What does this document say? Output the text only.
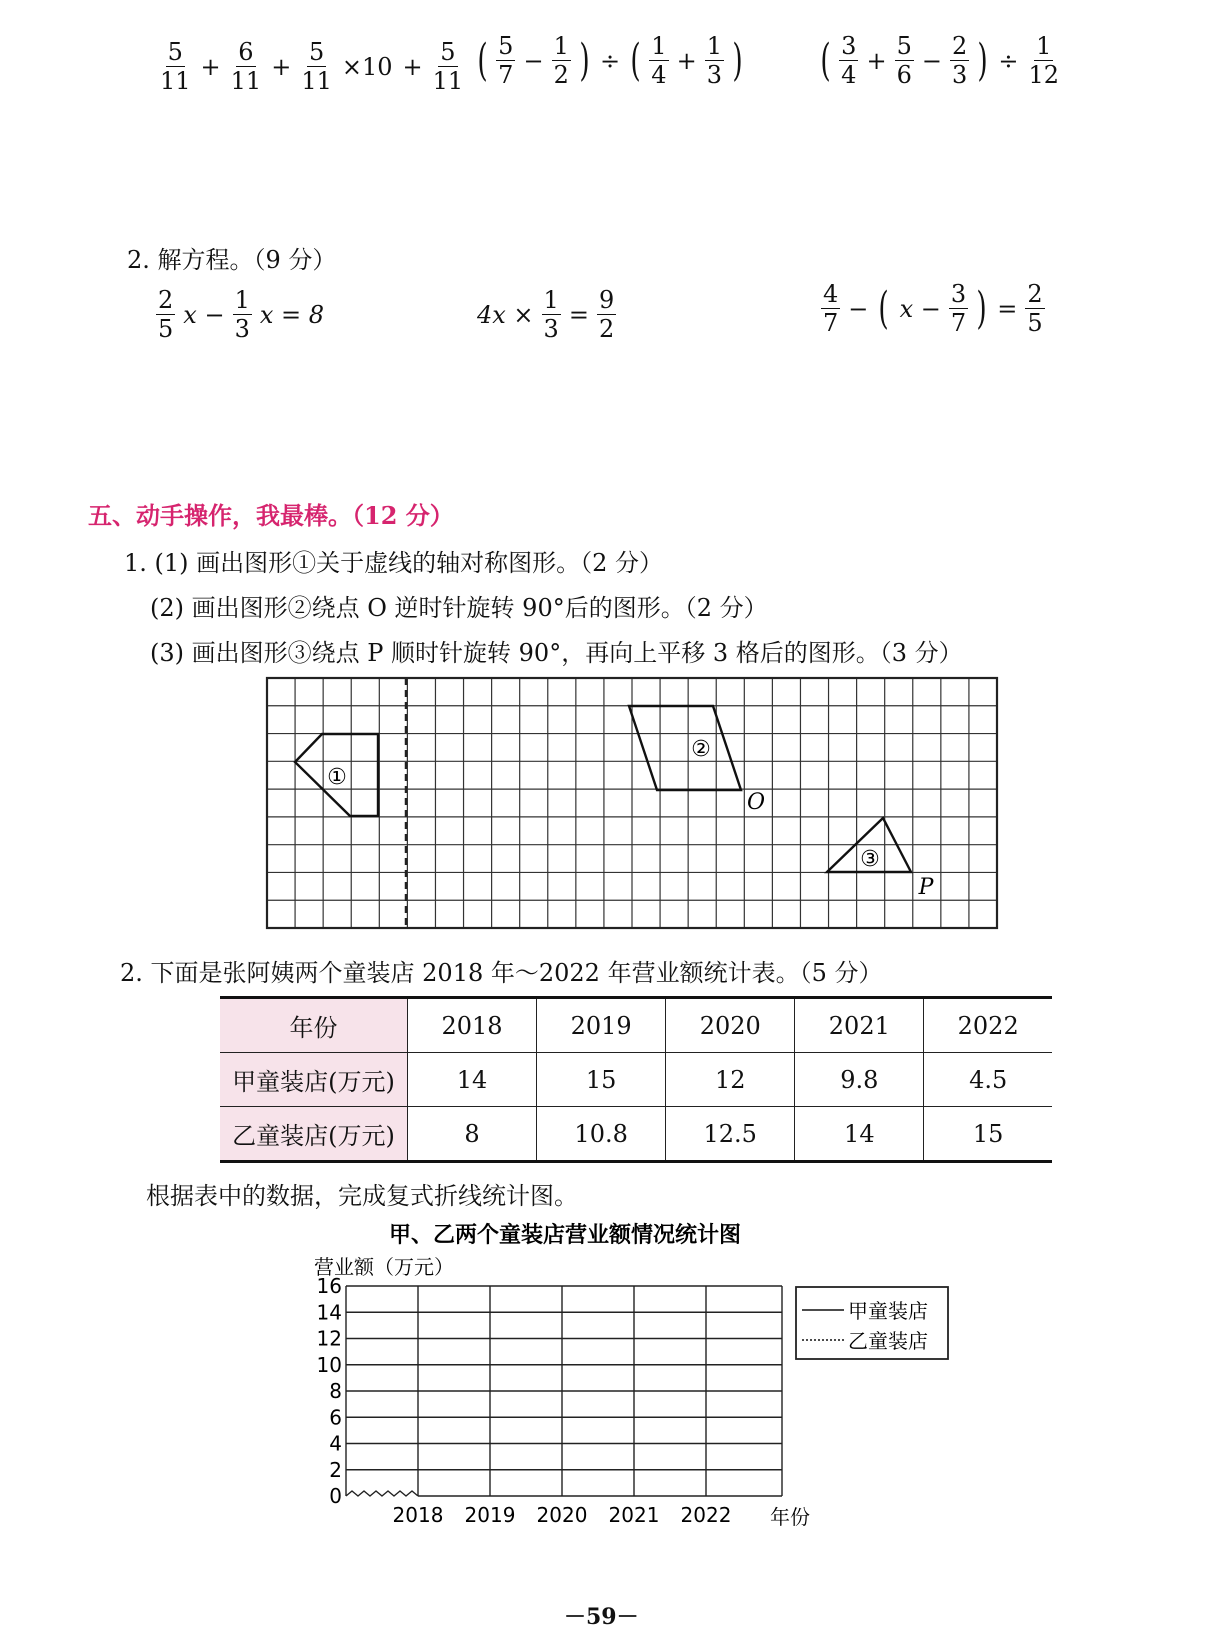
$\frac{5}{11} + \frac{6}{11} + \frac{5}{11} \times 10 + \frac{5}{11}$ ( $\frac{5}{7} - \frac{1}{2}$ ) ÷ ( $\frac{1}{4} + \frac{1}{3}$ ) ( $\frac{3}{4} + \frac{5}{6} - \frac{2}{3}$ ) ÷ $\frac{1}{12}$
2. 解方程。（9 分）
$\frac{2}{5}$ $x - \frac{1}{3}$ x = 8	$4x \times \frac{1}{3} = \frac{9}{2}$	$\frac{4}{7}$ − ( $x - \frac{3}{7}$ ) = $\frac{2}{5}$
五、动手操作，我最棒。（12 分）
1. (1) 画出图形①关于虚线的轴对称图形。（2 分）
(2) 画出图形②绕点 O 逆时针旋转 90°后的图形。（2 分）
(3) 画出图形③绕点 P 顺时针旋转 90°，再向上平移 3 格后的图形。（3 分）
①
②
③
O
P
2. 下面是张阿姨两个童装店 2018 年～2022 年营业额统计表。（5 分）
年份	2018	2019	2020	2021	2022
甲童装店(万元)	14	15	12	9.8	4.5
乙童装店(万元)	8	10.8	12.5	14	15
根据表中的数据，完成复式折线统计图。
甲、乙两个童装店营业额情况统计图
营业额（万元）
16
14
12
10
8
6
4
2
0
2018 2019 2020 2021 2022 年份
甲童装店
乙童装店
－59－
